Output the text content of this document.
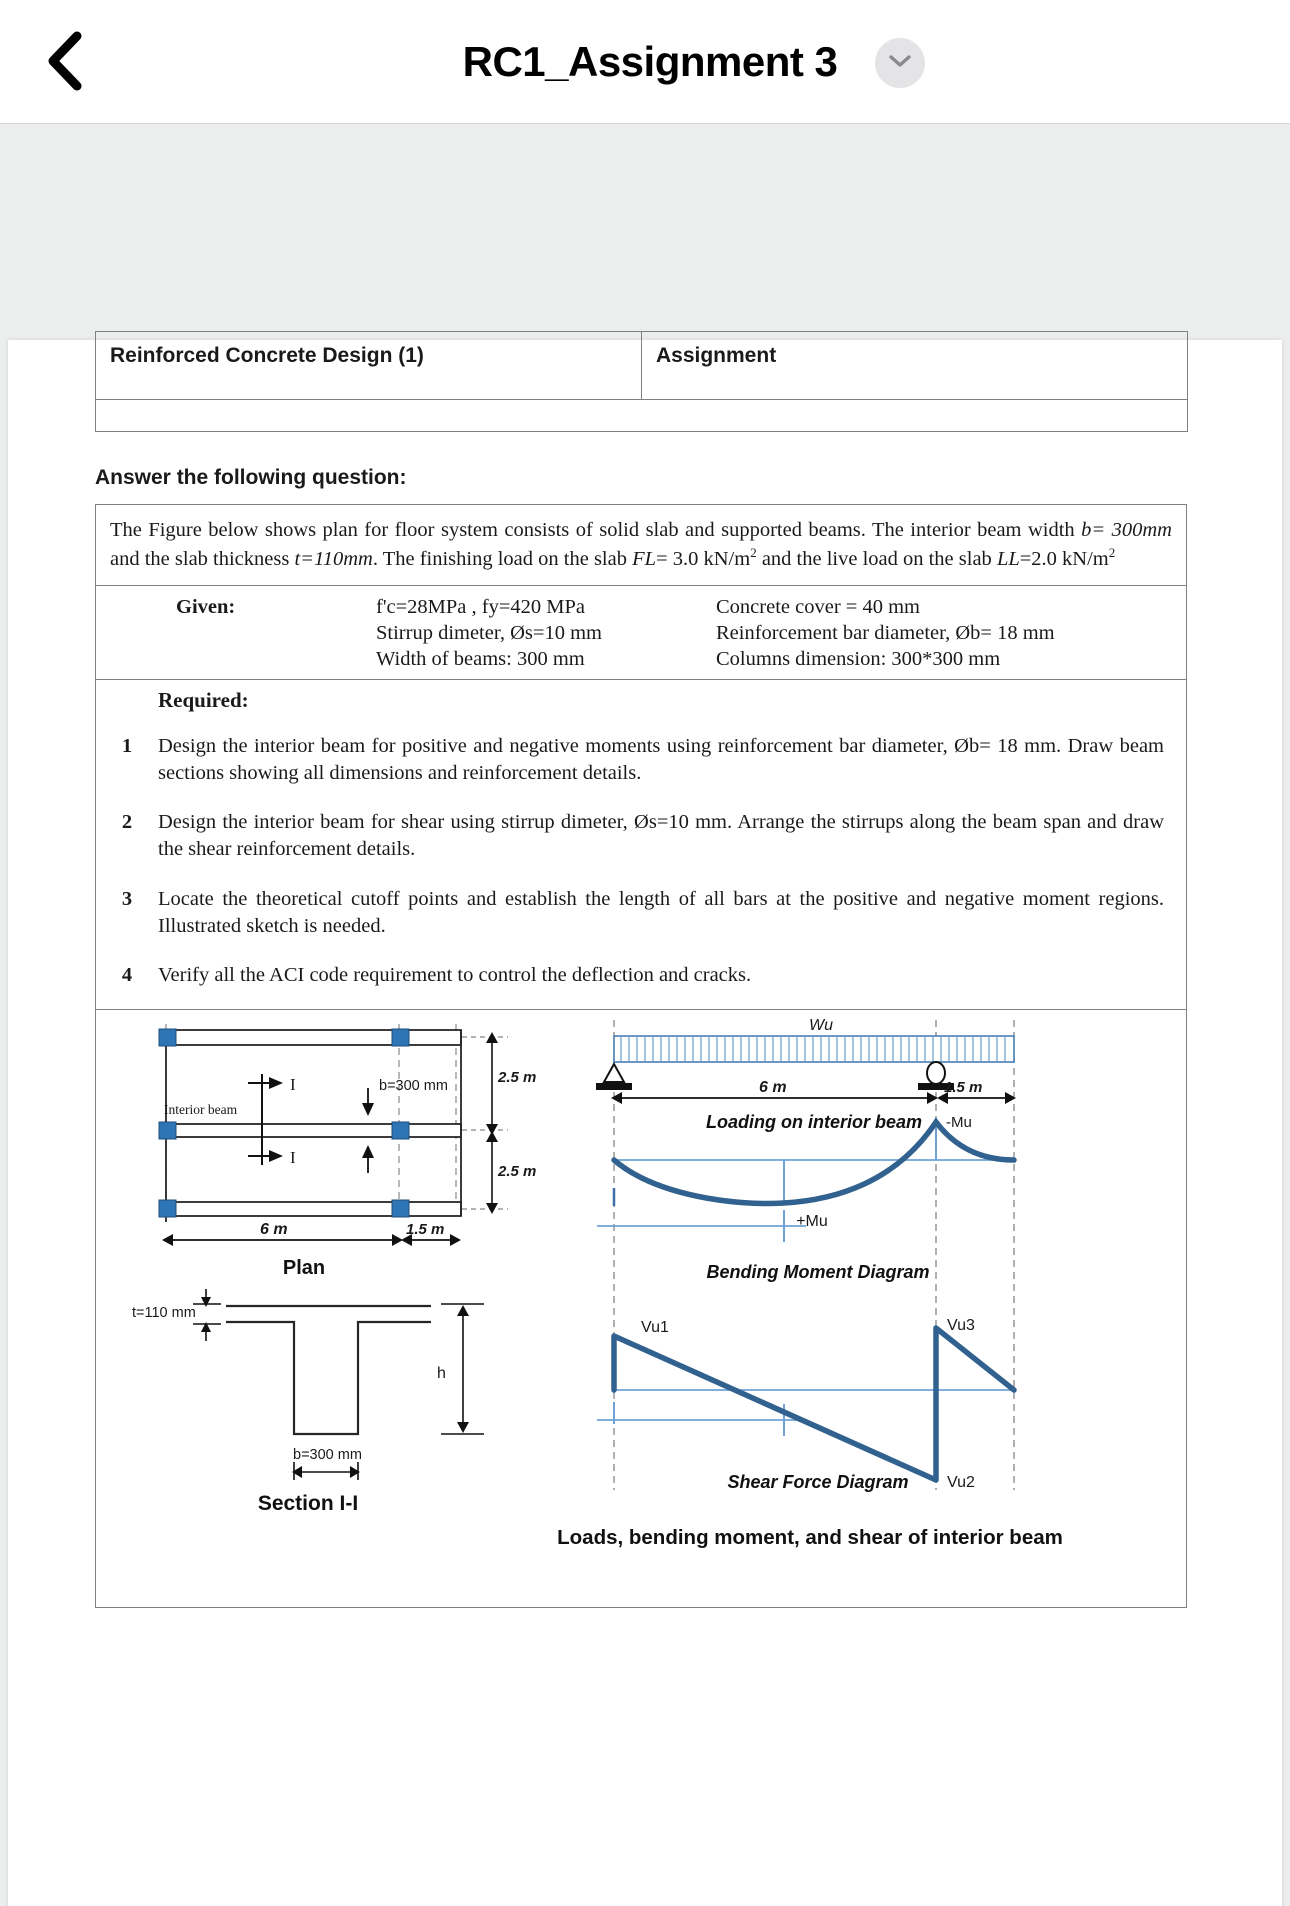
RC1_Assignment 3
Reinforced Concrete Design (1)	Assignment

Answer the following question:
The Figure below shows plan for floor system consists of solid slab and supported beams. The interior beam width b= 300mm and the slab thickness t=110mm. The finishing load on the slab FL= 3.0 $kN/m^2$ and the live load on the slab LL=2.0 $kN/m^2$
Given:	f'c=28MPa , fy=420 MPa	Concrete cover = 40 mm
Stirrup dimeter, Øs=10 mm	Reinforcement bar diameter, Øb= 18 mm
Width of beams: 300 mm	Columns dimension: 300*300 mm
Required:
1	Design the interior beam for positive and negative moments using reinforcement bar diameter, Øb= 18 mm. Draw beam sections showing all dimensions and reinforcement details.
2	Design the interior beam for shear using stirrup dimeter, Øs=10 mm. Arrange the stirrups along the beam span and draw the shear reinforcement details.
3	Locate the theoretical cutoff points and establish the length of all bars at the positive and negative moment regions. Illustrated sketch is needed.
4	Verify all the ACI code requirement to control the deflection and cracks.
I
I
Interior beam
b=300 mm	2.5 m
2.5 m
6 m	1.5 m
Plan
t=110 mm
h
b=300 mm
Section I-I
Wu
6 m	1.5 m
Loading on interior beam
+Mu
-Mu
Bending Moment Diagram
Vu1
Vu2
Vu3
Shear Force Diagram
Loads, bending moment, and shear of interior beam
